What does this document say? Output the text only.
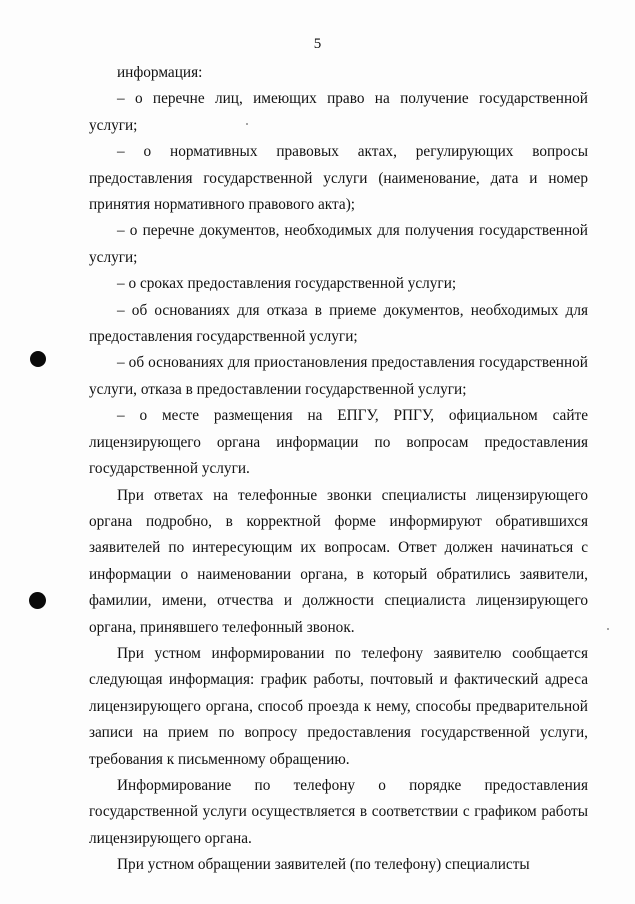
5

информация:

– о перечне лиц, имеющих право на получение государственной услуги;

– о нормативных правовых актах, регулирующих вопросы предоставления государственной услуги (наименование, дата и номер принятия нормативного правового акта);

– о перечне документов, необходимых для получения государственной услуги;

– о сроках предоставления государственной услуги;

– об основаниях для отказа в приеме документов, необходимых для предоставления государственной услуги;

– об основаниях для приостановления предоставления государственной услуги, отказа в предоставлении государственной услуги;

– о месте размещения на ЕПГУ, РПГУ, официальном сайте лицензирующего органа информации по вопросам предоставления государственной услуги.

При ответах на телефонные звонки специалисты лицензирующего органа подробно, в корректной форме информируют обратившихся заявителей по интересующим их вопросам. Ответ должен начинаться с информации о наименовании органа, в который обратились заявители, фамилии, имени, отчества и должности специалиста лицензирующего органа, принявшего телефонный звонок.

При устном информировании по телефону заявителю сообщается следующая информация: график работы, почтовый и фактический адреса лицензирующего органа, способ проезда к нему, способы предварительной записи на прием по вопросу предоставления государственной услуги, требования к письменному обращению.

Информирование по телефону о порядке предоставления государственной услуги осуществляется в соответствии с графиком работы лицензирующего органа.

При устном обращении заявителей (по телефону) специалисты
